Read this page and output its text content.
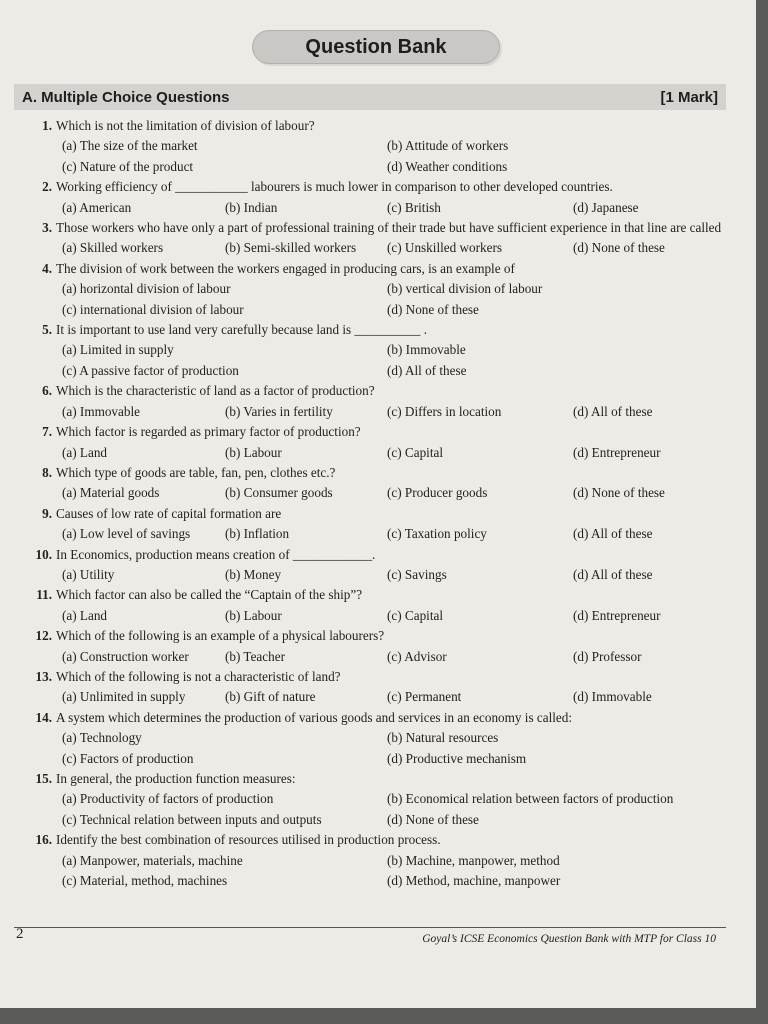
Question Bank
A. Multiple Choice Questions	[1 Mark]
1. Which is not the limitation of division of labour?
(a) The size of the market	(b) Attitude of workers
(c) Nature of the product	(d) Weather conditions
2. Working efficiency of ___________ labourers is much lower in comparison to other developed countries.
(a) American	(b) Indian	(c) British	(d) Japanese
3. Those workers who have only a part of professional training of their trade but have sufficient experience in that line are called
(a) Skilled workers	(b) Semi-skilled workers	(c) Unskilled workers	(d) None of these
4. The division of work between the workers engaged in producing cars, is an example of
(a) horizontal division of labour	(b) vertical division of labour
(c) international division of labour	(d) None of these
5. It is important to use land very carefully because land is __________ .
(a) Limited in supply	(b) Immovable
(c) A passive factor of production	(d) All of these
6. Which is the characteristic of land as a factor of production?
(a) Immovable	(b) Varies in fertility	(c) Differs in location	(d) All of these
7. Which factor is regarded as primary factor of production?
(a) Land	(b) Labour	(c) Capital	(d) Entrepreneur
8. Which type of goods are table, fan, pen, clothes etc.?
(a) Material goods	(b) Consumer goods	(c) Producer goods	(d) None of these
9. Causes of low rate of capital formation are
(a) Low level of savings	(b) Inflation	(c) Taxation policy	(d) All of these
10. In Economics, production means creation of ____________.
(a) Utility	(b) Money	(c) Savings	(d) All of these
11. Which factor can also be called the “Captain of the ship”?
(a) Land	(b) Labour	(c) Capital	(d) Entrepreneur
12. Which of the following is an example of a physical labourers?
(a) Construction worker	(b) Teacher	(c) Advisor	(d) Professor
13. Which of the following is not a characteristic of land?
(a) Unlimited in supply	(b) Gift of nature	(c) Permanent	(d) Immovable
14. A system which determines the production of various goods and services in an economy is called:
(a) Technology	(b) Natural resources
(c) Factors of production	(d) Productive mechanism
15. In general, the production function measures:
(a) Productivity of factors of production	(b) Economical relation between factors of production
(c) Technical relation between inputs and outputs	(d) None of these
16. Identify the best combination of resources utilised in production process.
(a) Manpower, materials, machine	(b) Machine, manpower, method
(c) Material, method, machines	(d) Method, machine, manpower
2	Goyal’s ICSE Economics Question Bank with MTP for Class 10
